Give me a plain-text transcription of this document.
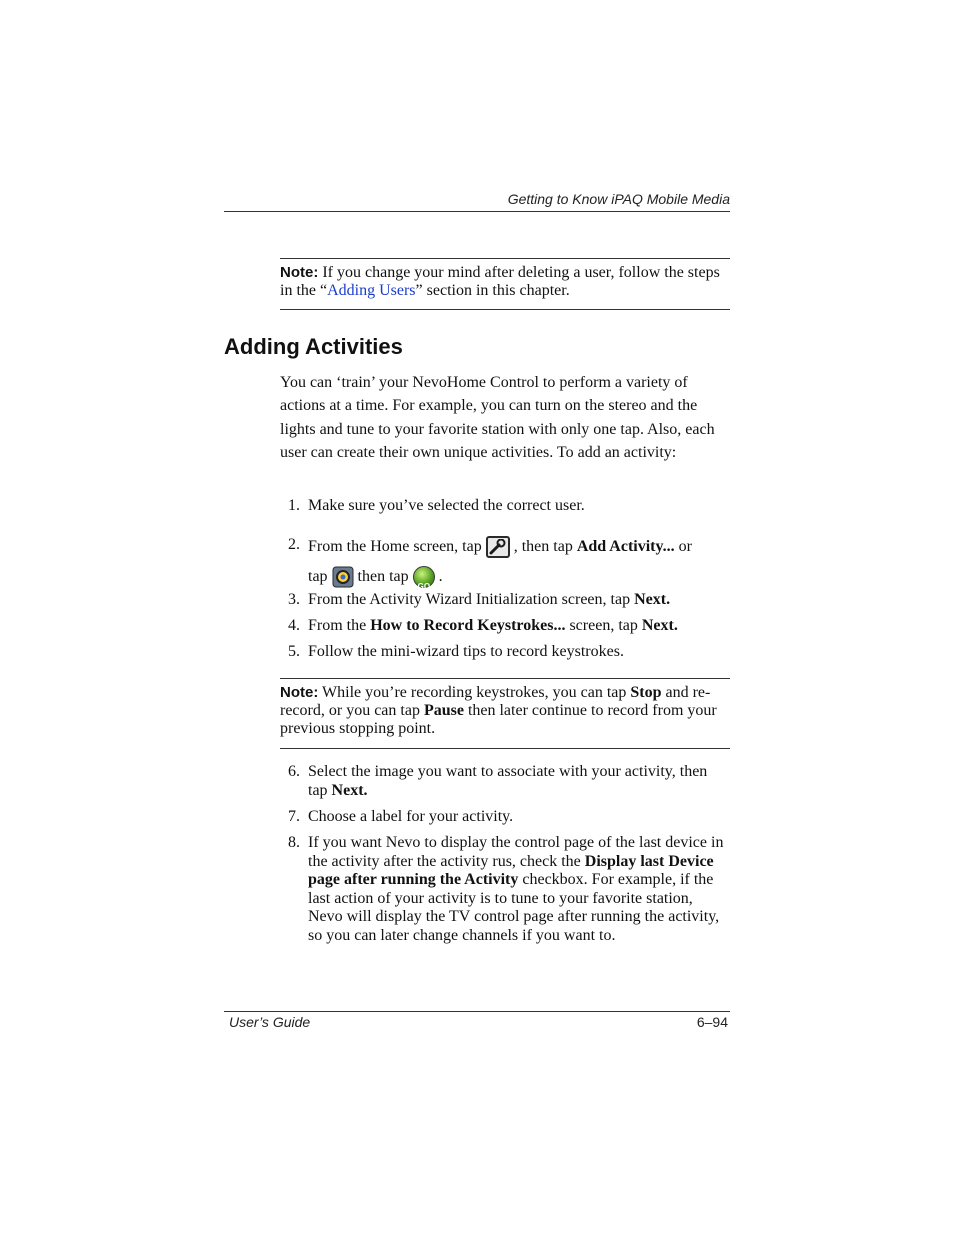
Getting to Know iPAQ Mobile Media
Note: If you change your mind after deleting a user, follow the steps in the “Adding Users” section in this chapter.
Adding Activities

You can ‘train’ your NevoHome Control to perform a variety of actions at a time. For example, you can turn on the stereo and the lights and tune to your favorite station with only one tap. Also, each user can create their own unique activities. To add an activity:

1. Make sure you’ve selected the correct user.
2. From the Home screen, tap
, then tap Add Activity... or
tap  then tap
GO
.
3. From the Activity Wizard Initialization screen, tap Next.
4. From the How to Record Keystrokes... screen, tap Next.
5. Follow the mini-wizard tips to record keystrokes.
Note: While you’re recording keystrokes, you can tap Stop and re-record, or you can tap Pause then later continue to record from your previous stopping point.
6. Select the image you want to associate with your activity, then tap Next.
7. Choose a label for your activity.
8. If you want Nevo to display the control page of the last device in the activity after the activity rus, check the Display last Device page after running the Activity checkbox. For example, if the last action of your activity is to tune to your favorite station, Nevo will display the TV control page after running the activity, so you can later change channels if you want to.
User’s Guide	6–94
